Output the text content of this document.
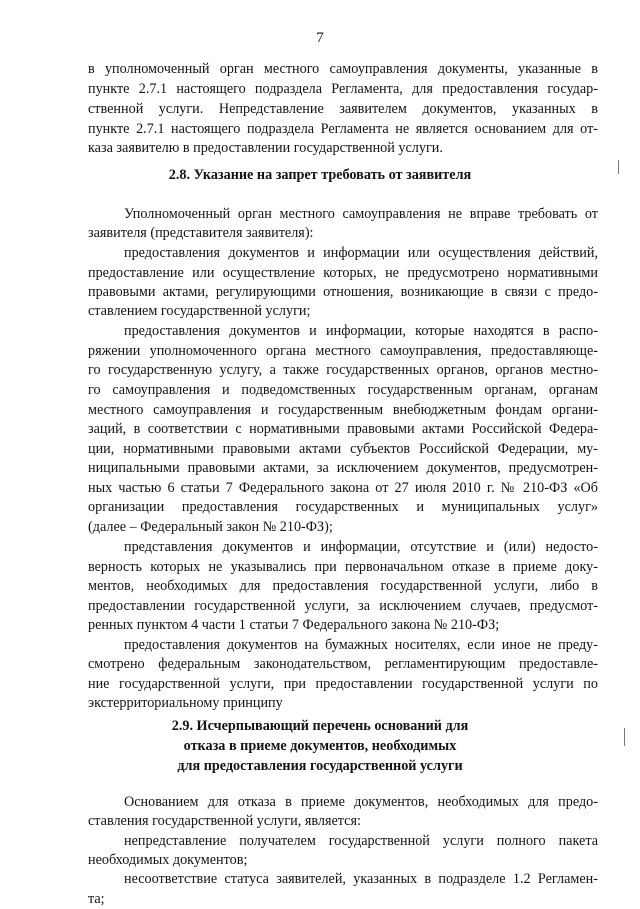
7
в уполномоченный орган местного самоуправления документы, указанные в
пункте 2.7.1 настоящего подраздела Регламента, для предоставления государ-
ственной услуги. Непредставление заявителем документов, указанных в
пункте 2.7.1 настоящего подраздела Регламента не является основанием для от-
каза заявителю в предоставлении государственной услуги.
2.8. Указание на запрет требовать от заявителя
Уполномоченный орган местного самоуправления не вправе требовать от
заявителя (представителя заявителя):
предоставления документов и информации или осуществления действий,
предоставление или осуществление которых, не предусмотрено нормативными
правовыми актами, регулирующими отношения, возникающие в связи с предо-
ставлением государственной услуги;
предоставления документов и информации, которые находятся в распо-
ряжении уполномоченного органа местного самоуправления, предоставляюще-
го государственную услугу, а также государственных органов, органов местно-
го самоуправления и подведомственных государственным органам, органам
местного самоуправления и государственным внебюджетным фондам органи-
заций, в соответствии с нормативными правовыми актами Российской Федера-
ции, нормативными правовыми актами субъектов Российской Федерации, му-
ниципальными правовыми актами, за исключением документов, предусмотрен-
ных частью 6 статьи 7 Федерального закона от 27 июля 2010 г. № 210-ФЗ «Об
организации предоставления государственных и муниципальных услуг»
(далее – Федеральный закон № 210-ФЗ);
представления документов и информации, отсутствие и (или) недосто-
верность которых не указывались при первоначальном отказе в приеме доку-
ментов, необходимых для предоставления государственной услуги, либо в
предоставлении государственной услуги, за исключением случаев, предусмот-
ренных пунктом 4 части 1 статьи 7 Федерального закона № 210-ФЗ;
предоставления документов на бумажных носителях, если иное не преду-
смотрено федеральным законодательством, регламентирующим предоставле-
ние государственной услуги, при предоставлении государственной услуги по
экстерриториальному принципу
2.9. Исчерпывающий перечень оснований для
отказа в приеме документов, необходимых
для предоставления государственной услуги
Основанием для отказа в приеме документов, необходимых для предо-
ставления государственной услуги, является:
непредставление получателем государственной услуги полного пакета
необходимых документов;
несоответствие статуса заявителей, указанных в подразделе 1.2 Регламен-
та;
